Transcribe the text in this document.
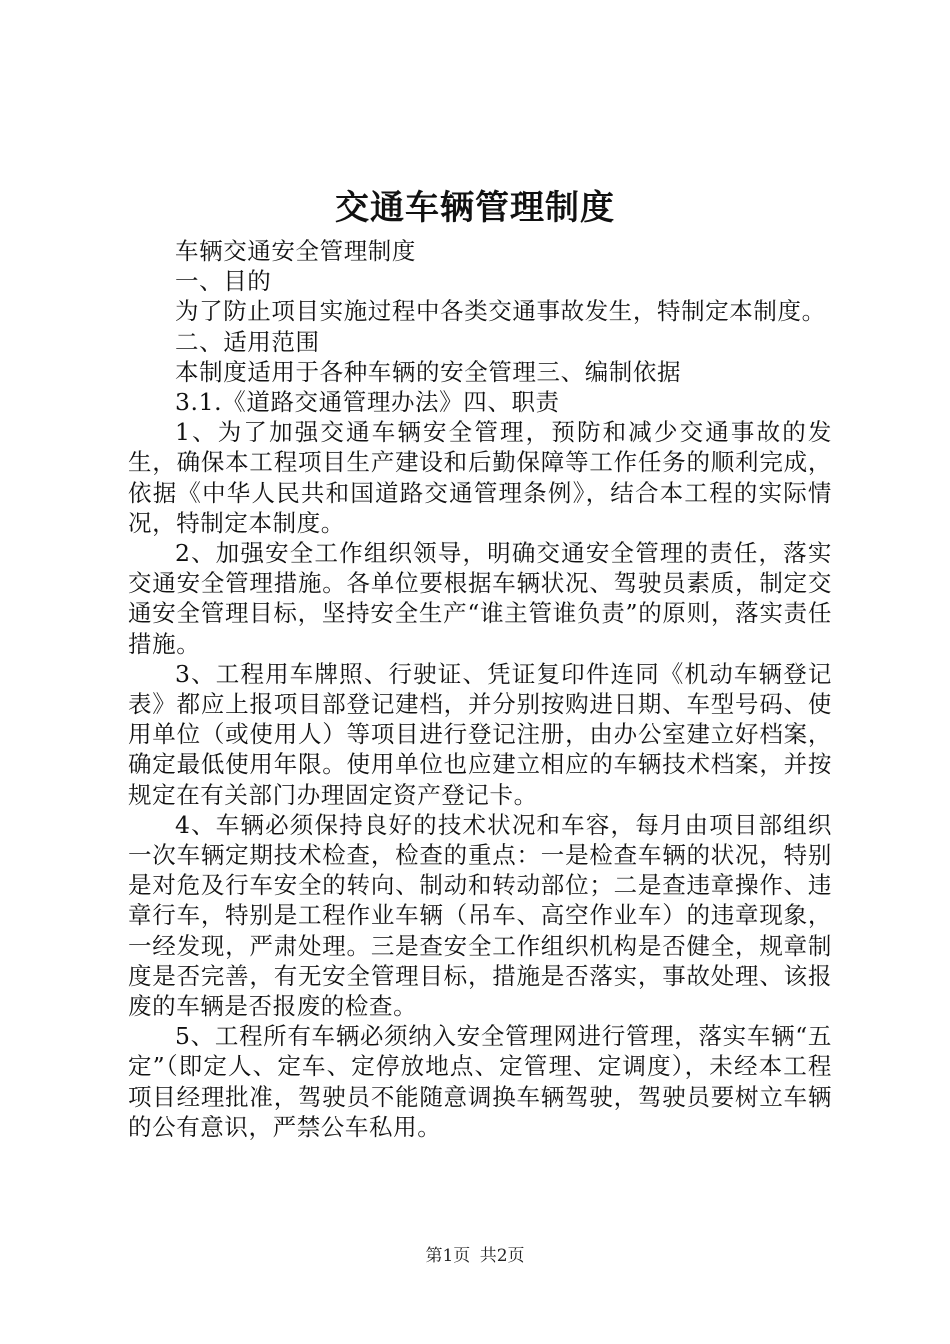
交通车辆管理制度

车辆交通安全管理制度

一、目的

为了防止项目实施过程中各类交通事故发生，特制定本制度。

二、适用范围

本制度适用于各种车辆的安全管理三、编制依据

3.1.《道路交通管理办法》四、职责

1、为了加强交通车辆安全管理，预防和减少交通事故的发生，确保本工程项目生产建设和后勤保障等工作任务的顺利完成，依据《中华人民共和国道路交通管理条例》，结合本工程的实际情况，特制定本制度。

2、加强安全工作组织领导，明确交通安全管理的责任，落实交通安全管理措施。各单位要根据车辆状况、驾驶员素质，制定交通安全管理目标，坚持安全生产“谁主管谁负责”的原则，落实责任措施。

3、工程用车牌照、行驶证、凭证复印件连同《机动车辆登记表》都应上报项目部登记建档，并分别按购进日期、车型号码、使用单位（或使用人）等项目进行登记注册，由办公室建立好档案，确定最低使用年限。使用单位也应建立相应的车辆技术档案，并按规定在有关部门办理固定资产登记卡。

4、车辆必须保持良好的技术状况和车容，每月由项目部组织一次车辆定期技术检查，检查的重点：一是检查车辆的状况，特别是对危及行车安全的转向、制动和转动部位；二是查违章操作、违章行车，特别是工程作业车辆（吊车、高空作业车）的违章现象，一经发现，严肃处理。三是查安全工作组织机构是否健全，规章制度是否完善，有无安全管理目标，措施是否落实，事故处理、该报废的车辆是否报废的检查。

5、工程所有车辆必须纳入安全管理网进行管理，落实车辆“五定”（即定人、定车、定停放地点、定管理、定调度），未经本工程项目经理批准，驾驶员不能随意调换车辆驾驶，驾驶员要树立车辆的公有意识，严禁公车私用。

第1页 共2页
